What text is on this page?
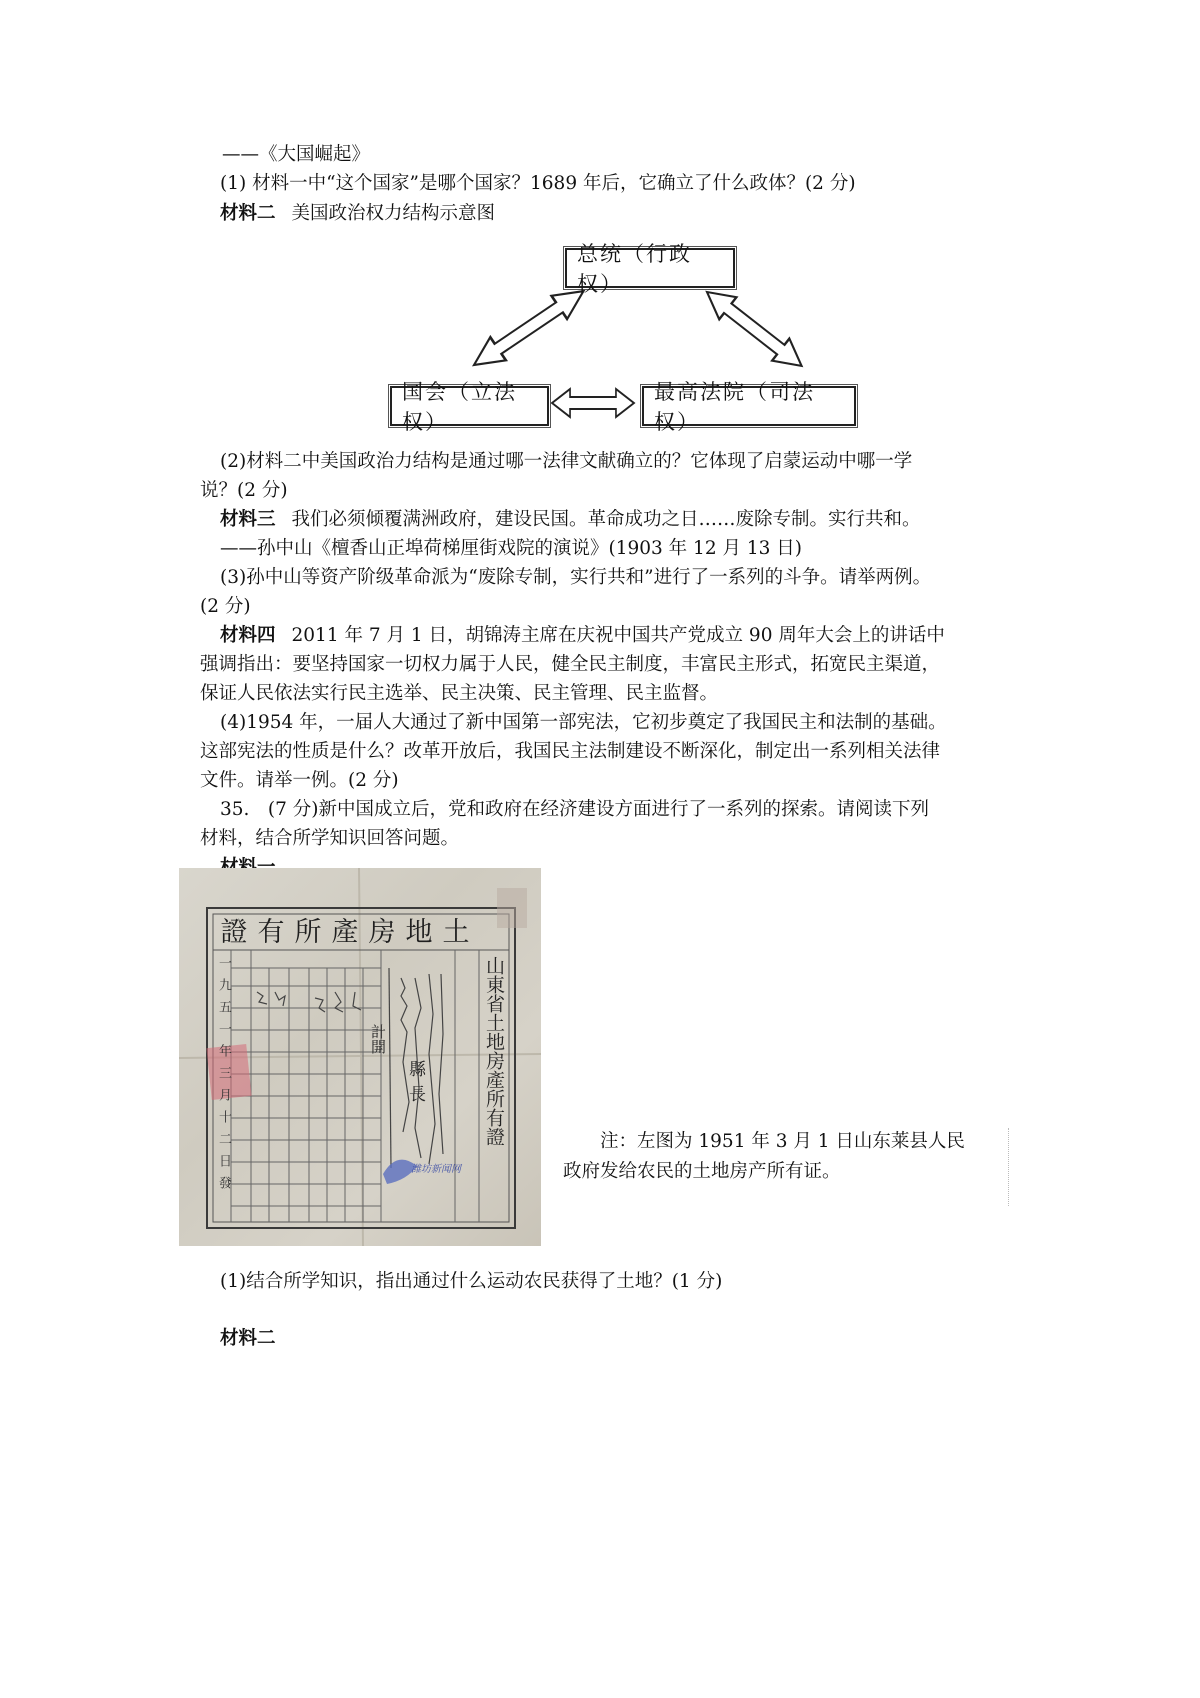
——《大国崛起》
(1) 材料一中“这个国家”是哪个国家？1689 年后，它确立了什么政体？(2 分)
材料二 美国政治权力结构示意图
总统（行政权）
国会（立法权）
最高法院（司法权）
(2)材料二中美国政治力结构是通过哪一法律文献确立的？它体现了启蒙运动中哪一学
说？(2 分)
材料三 我们必须倾覆满洲政府，建设民国。革命成功之日……废除专制。实行共和。
——孙中山《檀香山正埠荷梯厘街戏院的演说》(1903 年 12 月 13 日)
(3)孙中山等资产阶级革命派为“废除专制，实行共和”进行了一系列的斗争。请举两例。
(2 分)
材料四 2011 年 7 月 1 日，胡锦涛主席在庆祝中国共产党成立 90 周年大会上的讲话中
强调指出：要坚持国家一切权力属于人民，健全民主制度，丰富民主形式，拓宽民主渠道，
保证人民依法实行民主选举、民主决策、民主管理、民主监督。
(4)1954 年，一届人大通过了新中国第一部宪法，它初步奠定了我国民主和法制的基础。
这部宪法的性质是什么？改革开放后，我国民主法制建设不断深化，制定出一系列相关法律
文件。请举一例。(2 分)
35.　(7 分)新中国成立后，党和政府在经济建设方面进行了一系列的探索。请阅读下列
材料，结合所学知识回答问题。
土地房產所有證
山東省土地房產所有證
一九五一年三月十二日發	計開
縣長
潍坊新闻网
注：左图为 1951 年 3 月 1 日山东莱县人民
政府发给农民的土地房产所有证。
(1)结合所学知识，指出通过什么运动农民获得了土地？(1 分)
材料二
